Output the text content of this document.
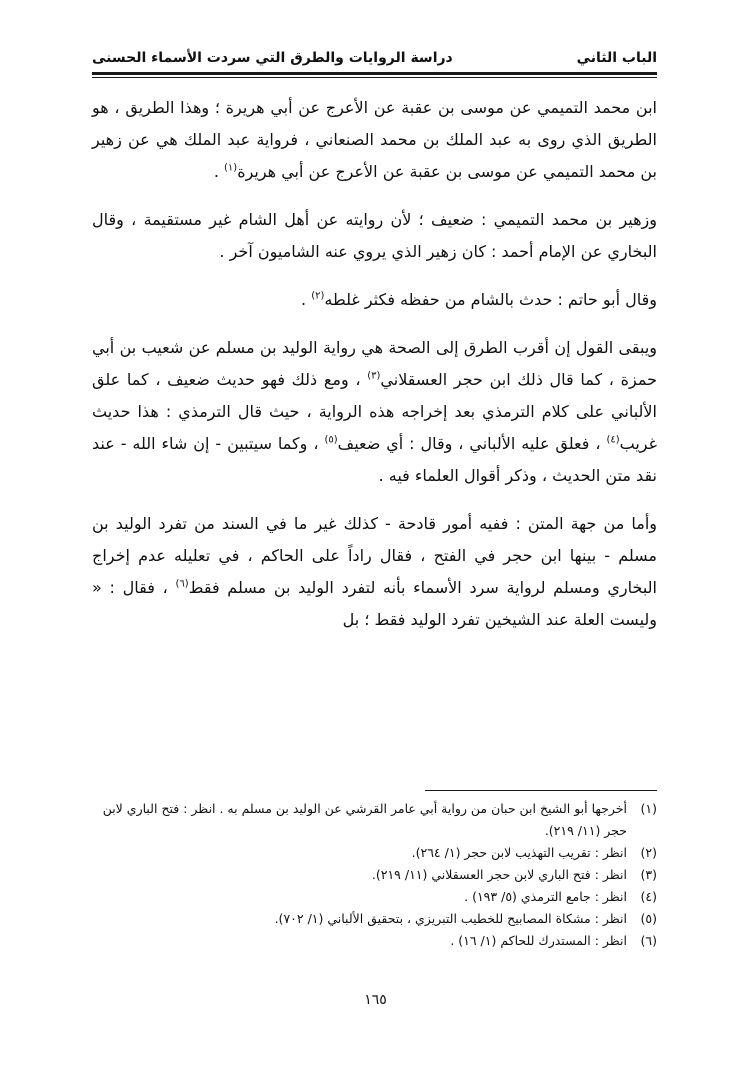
الباب الثاني
دراسة الروايات والطرق التي سردت الأسماء الحسنى

ابن محمد التميمي عن موسى بن عقبة عن الأعرج عن أبي هريرة ؛ وهذا الطريق ، هو الطريق الذي روى به عبد الملك بن محمد الصنعاني ، فرواية عبد الملك هي عن زهير بن محمد التميمي عن موسى بن عقبة عن الأعرج عن أبي هريرة$^{(١)}$ .

وزهير بن محمد التميمي : ضعيف ؛ لأن روايته عن أهل الشام غير مستقيمة ، وقال البخاري عن الإمام أحمد : كان زهير الذي يروي عنه الشاميون آخر .

وقال أبو حاتم : حدث بالشام من حفظه فكثر غلطه$^{(٢)}$ .

ويبقى القول إن أقرب الطرق إلى الصحة هي رواية الوليد بن مسلم عن شعيب بن أبي حمزة ، كما قال ذلك ابن حجر العسقلاني$^{(٣)}$ ، ومع ذلك فهو حديث ضعيف ، كما علق الألباني على كلام الترمذي بعد إخراجه هذه الرواية ، حيث قال الترمذي : هذا حديث غريب$^{(٤)}$ ، فعلق عليه الألباني ، وقال : أي ضعيف$^{(٥)}$ ، وكما سيتبين - إن شاء الله - عند نقد متن الحديث ، وذكر أقوال العلماء فيه .

وأما من جهة المتن : ففيه أمور قادحة - كذلك غير ما في السند من تفرد الوليد بن مسلم - بينها ابن حجر في الفتح ، فقال راداً على الحاكم ، في تعليله عدم إخراج البخاري ومسلم لرواية سرد الأسماء بأنه لتفرد الوليد بن مسلم فقط$^{(٦)}$ ، فقال : « وليست العلة عند الشيخين تفرد الوليد فقط ؛ بل

(١)
أخرجها أبو الشيخ ابن حبان من رواية أبي عامر القرشي عن الوليد بن مسلم به . انظر : فتح الباري لابن حجر (١١/ ٢١٩).
(٢)
انظر : تقريب التهذيب لابن حجر (١/ ٢٦٤).
(٣)
انظر : فتح الباري لابن حجر العسقلاني (١١/ ٢١٩).
(٤)
انظر : جامع الترمذي (٥/ ١٩٣) .
(٥)
انظر : مشكاة المصابيح للخطيب التبريزي ، بتحقيق الألباني (١/ ٧٠٢).
(٦)
انظر : المستدرك للحاكم (١/ ١٦) .
١٦٥
